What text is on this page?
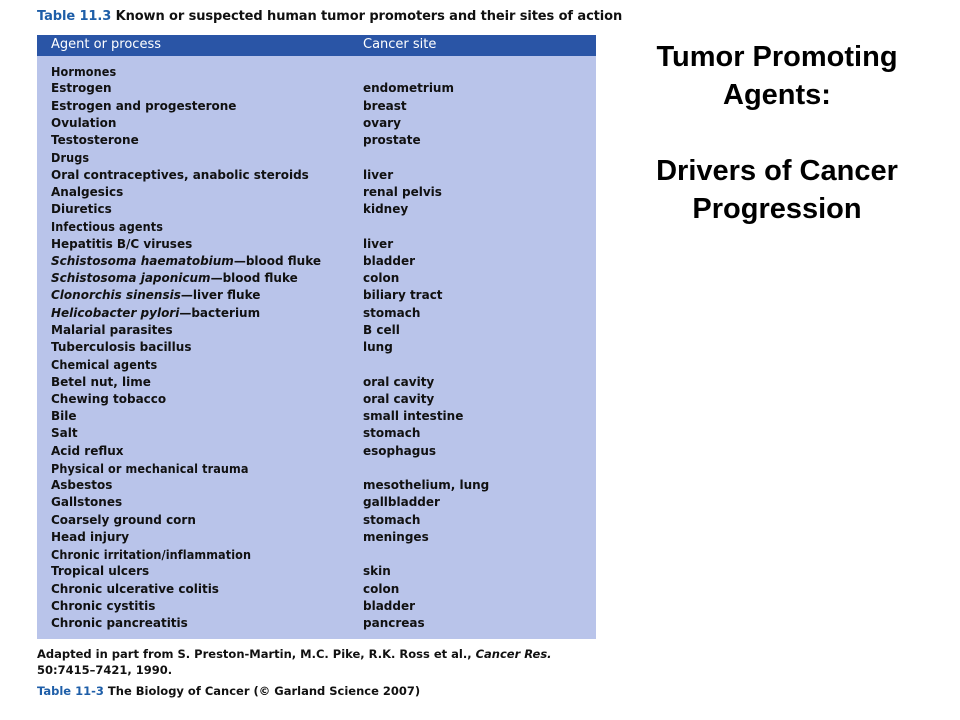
Table 11.3 Known or suspected human tumor promoters and their sites of action
Agent or process	Cancer site
Hormones
Estrogen	endometrium
Estrogen and progesterone	breast
Ovulation	ovary
Testosterone	prostate
Drugs
Oral contraceptives, anabolic steroids	liver
Analgesics	renal pelvis
Diuretics	kidney
Infectious agents
Hepatitis B/C viruses	liver
Schistosoma haematobium—blood fluke	bladder
Schistosoma japonicum—blood fluke	colon
Clonorchis sinensis—liver fluke	biliary tract
Helicobacter pylori—bacterium	stomach
Malarial parasites	B cell
Tuberculosis bacillus	lung
Chemical agents
Betel nut, lime	oral cavity
Chewing tobacco	oral cavity
Bile	small intestine
Salt	stomach
Acid reflux	esophagus
Physical or mechanical trauma
Asbestos	mesothelium, lung
Gallstones	gallbladder
Coarsely ground corn	stomach
Head injury	meninges
Chronic irritation/inflammation
Tropical ulcers	skin
Chronic ulcerative colitis	colon
Chronic cystitis	bladder
Chronic pancreatitis	pancreas
Adapted in part from S. Preston-Martin, M.C. Pike, R.K. Ross et al., Cancer Res.
50:7415–7421, 1990.
Table 11-3 The Biology of Cancer (© Garland Science 2007)
Tumor Promoting
Agents:
Drivers of Cancer
Progression
